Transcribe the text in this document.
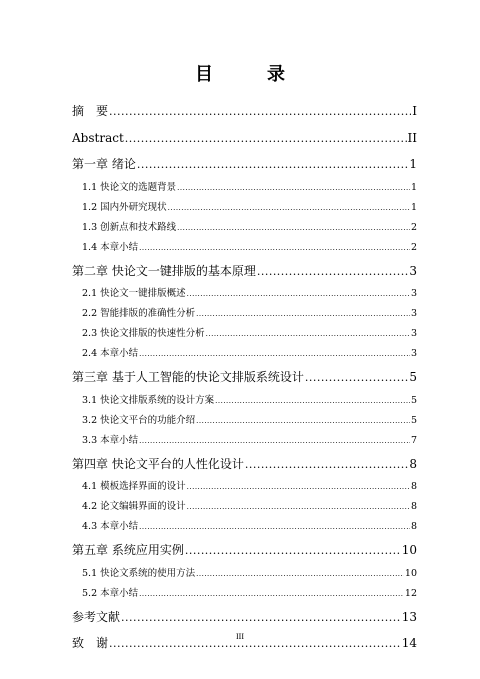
目　录
摘　要 .....	I
Abstract .....	II
第一章 绪论 .....	1
1.1 快论文的选题背景 .....	1
1.2 国内外研究现状 .....	1
1.3 创新点和技术路线 .....	2
1.4 本章小结 .....	2
第二章 快论文一键排版的基本原理 .....	3
2.1 快论文一键排版概述 .....	3
2.2 智能排版的准确性分析 .....	3
2.3 快论文排版的快速性分析 .....	3
2.4 本章小结 .....	3
第三章 基于人工智能的快论文排版系统设计 .....	5
3.1 快论文排版系统的设计方案 .....	5
3.2 快论文平台的功能介绍 .....	5
3.3 本章小结 .....	7
第四章 快论文平台的人性化设计 .....	8
4.1 模板选择界面的设计 .....	8
4.2 论文编辑界面的设计 .....	8
4.3 本章小结 .....	8
第五章 系统应用实例 .....	10
5.1 快论文系统的使用方法 .....	10
5.2 本章小结 .....	12
参考文献 .....	13
致　谢 .....	14
III
